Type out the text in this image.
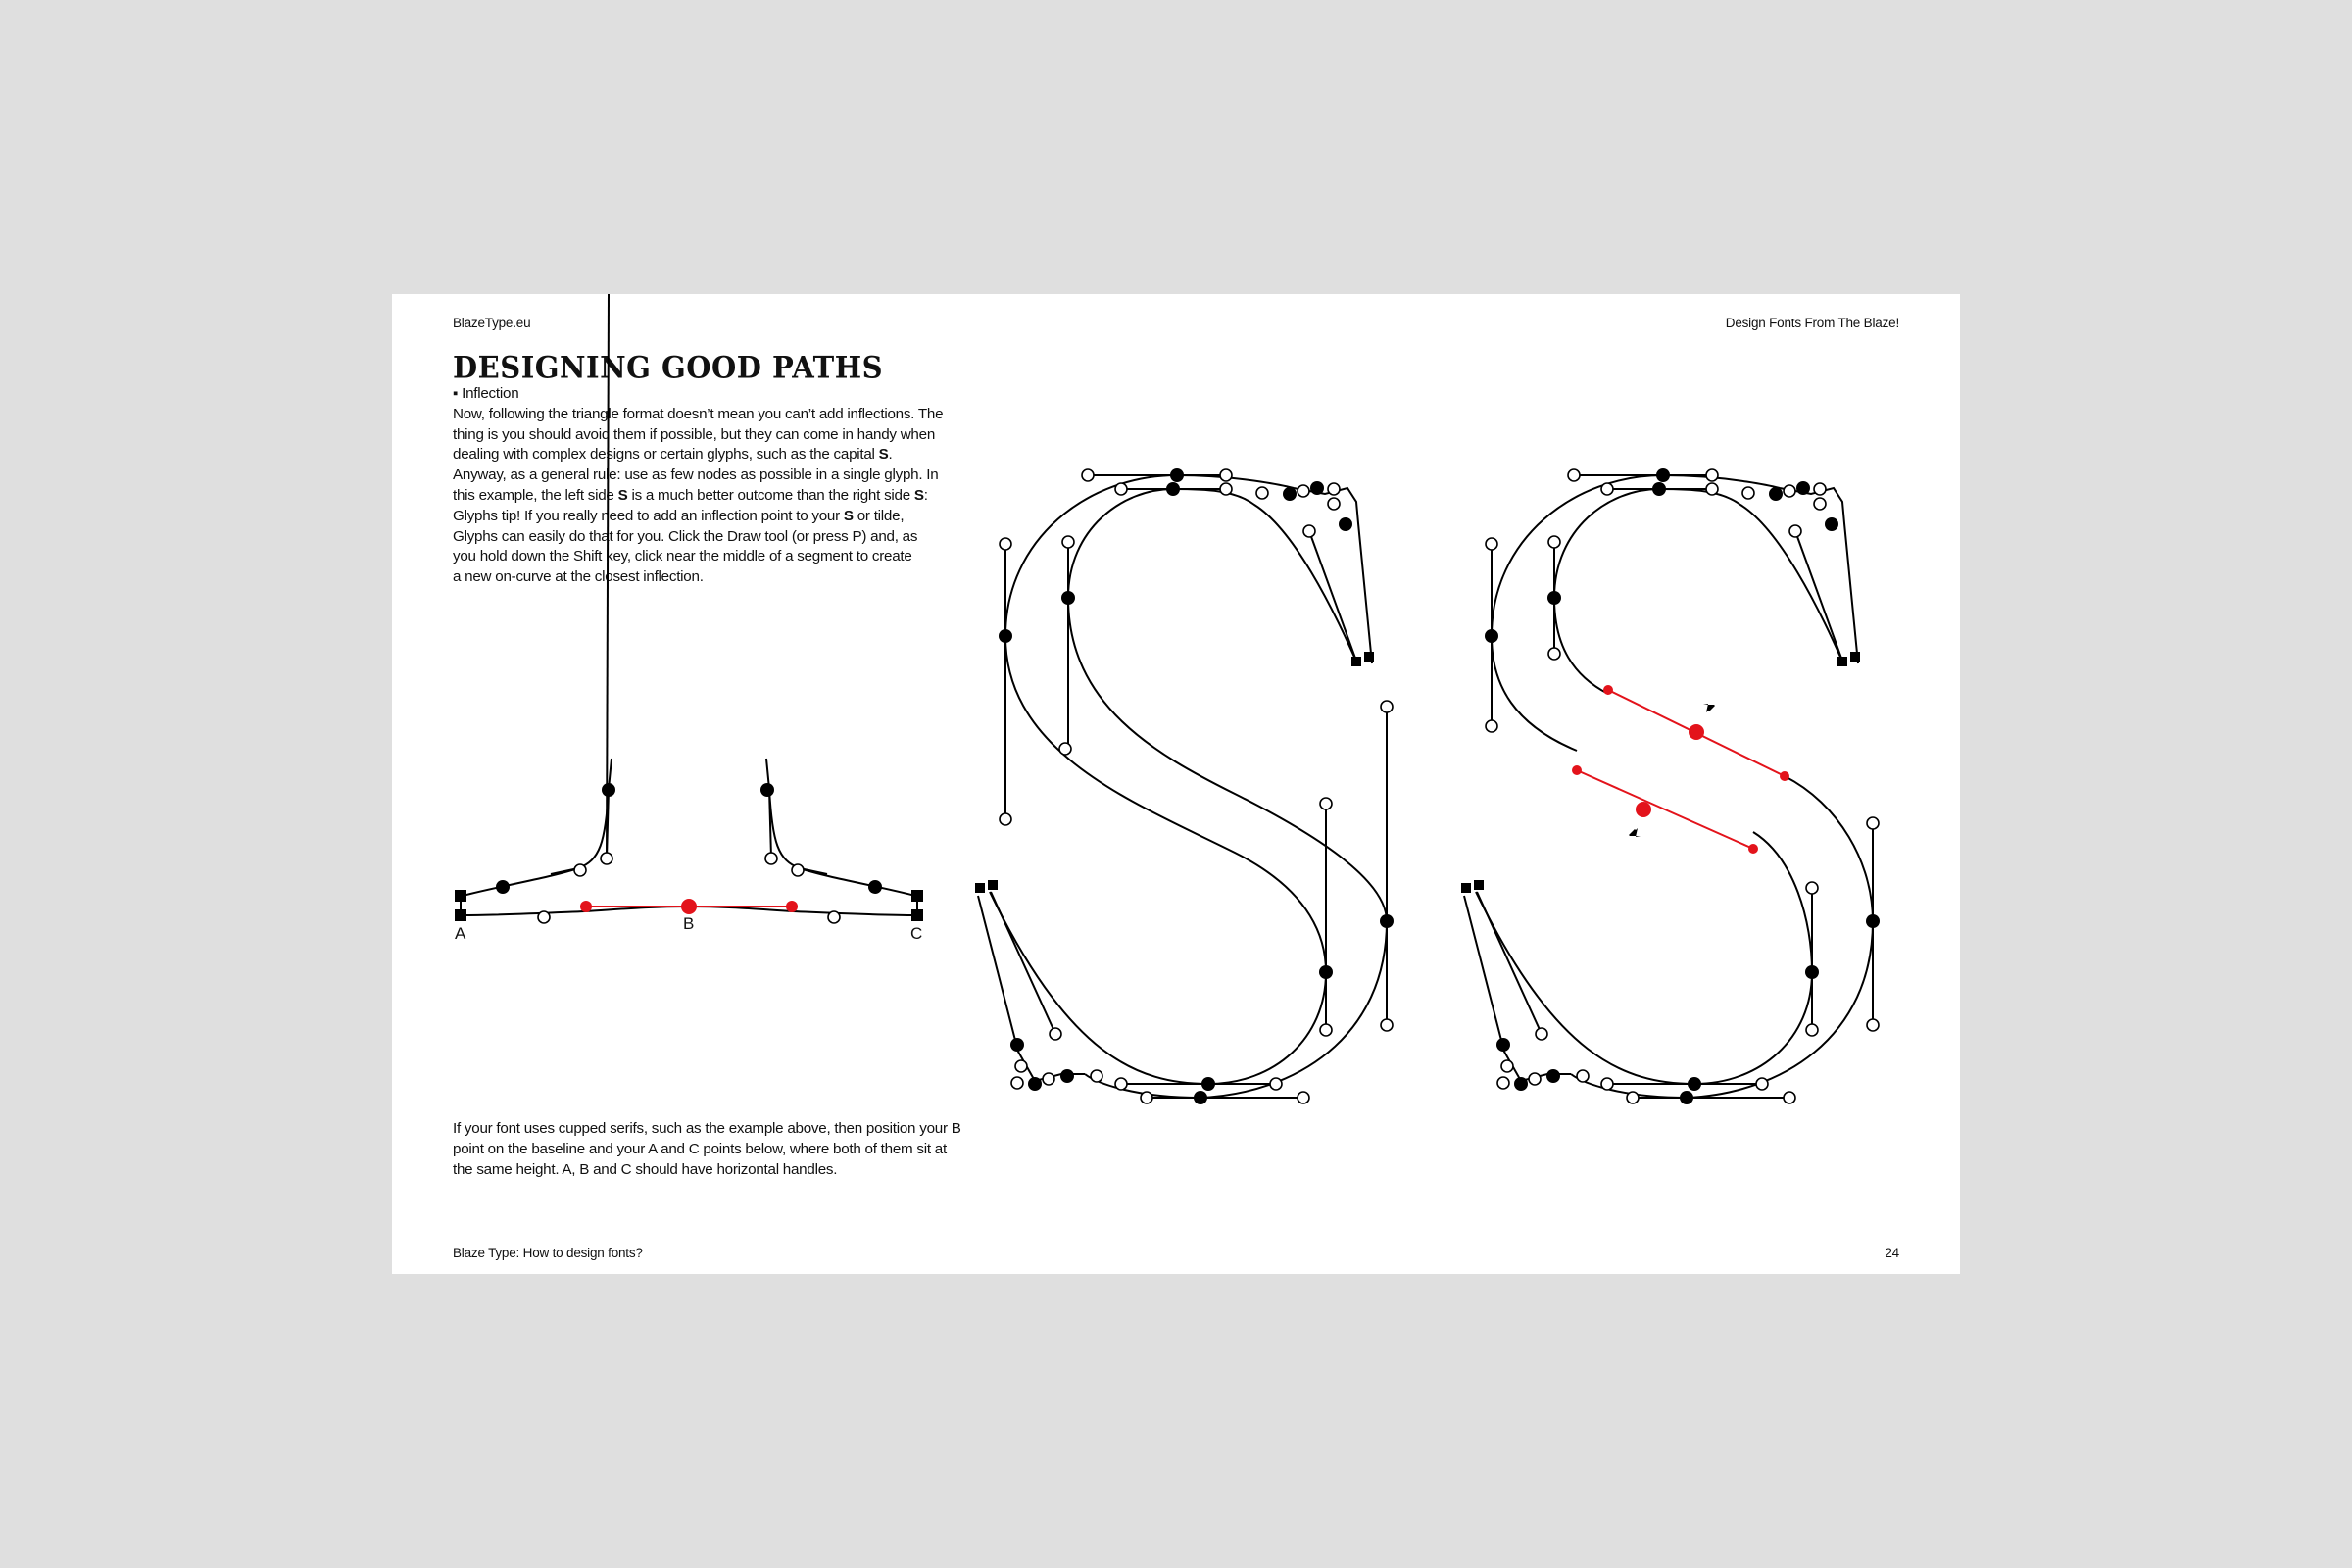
BlazeType.eu	Design Fonts From The Blaze!
DESIGNING GOOD PATHS

▪ Inflection

Now, following the triangle format doesn’t mean you can’t add inflections. The thing is you should avoid them if possible, but they can come in handy when dealing with complex designs or certain glyphs, such as the capital S.

Anyway, as a general rule: use as few nodes as possible in a single glyph. In this example, the left side S is a much better outcome than the right side S:

Glyphs tip! If you really need to add an inflection point to your S or tilde, Glyphs can easily do that for you. Click the Draw tool (or press P) and, as you hold down the Shift key, click near the middle of a segment to create a new on-curve at the closest inflection.

A
B
C
If your font uses cupped serifs, such as the example above, then position your B point on the baseline and your A and C points below, where both of them sit at the same height. A, B and C should have horizontal handles.
Blaze Type: How to design fonts?	24
